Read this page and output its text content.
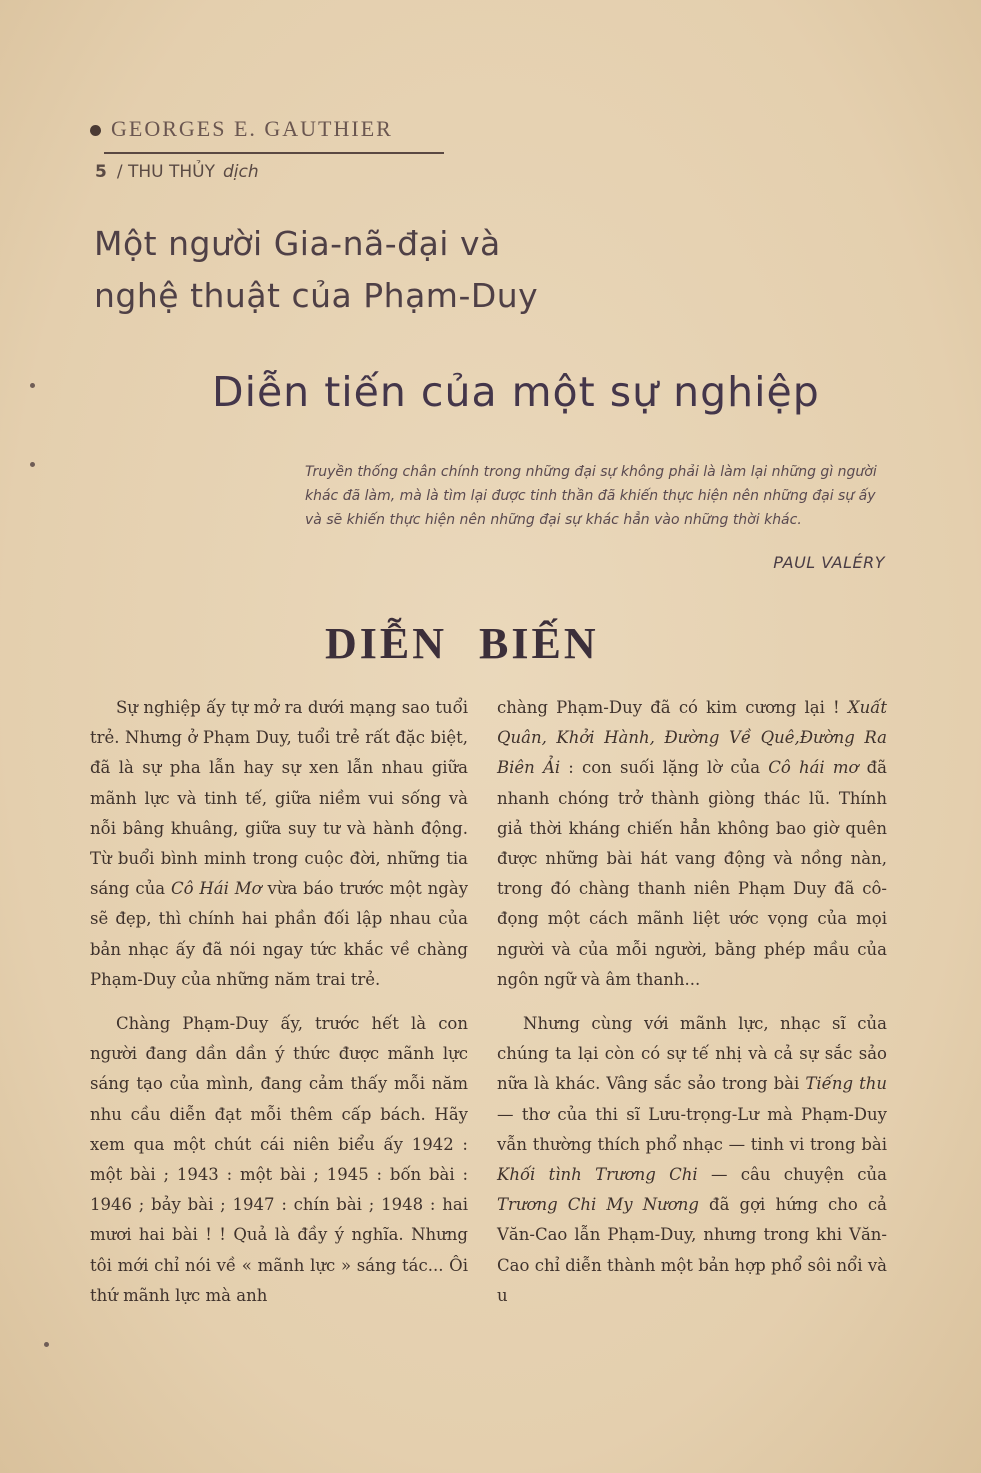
GEORGES E. GAUTHIER
5 / THU THỦY dịch
Một người Gia-nã-đại và
nghệ thuật của Phạm-Duy
Diễn tiến của một sự nghiệp
Truyền thống chân chính trong những đại sự không phải là làm lại những gì người khác đã làm, mà là tìm lại được tinh thần đã khiến thực hiện nên những đại sự ấy và sẽ khiến thực hiện nên những đại sự khác hẳn vào những thời khác.
PAUL VALÉRY
DIỄN BIẾN

Sự nghiệp ấy tự mở ra dưới mạng sao tuổi trẻ. Nhưng ở Phạm Duy, tuổi trẻ rất đặc biệt, đã là sự pha lẫn hay sự xen lẫn nhau giữa mãnh lực và tinh tế, giữa niềm vui sống và nỗi bâng khuâng, giữa suy tư và hành động. Từ buổi bình minh trong cuộc đời, những tia sáng của Cô Hái Mơ vừa báo trước một ngày sẽ đẹp, thì chính hai phần đối lập nhau của bản nhạc ấy đã nói ngay tức khắc về chàng Phạm-Duy của những năm trai trẻ.

Chàng Phạm-Duy ấy, trước hết là con người đang dần dần ý thức được mãnh lực sáng tạo của mình, đang cảm thấy mỗi năm nhu cầu diễn đạt mỗi thêm cấp bách. Hãy xem qua một chút cái niên biểu ấy 1942 : một bài ; 1943 : một bài ; 1945 : bốn bài : 1946 ; bảy bài ; 1947 : chín bài ; 1948 : hai mươi hai bài ! ! Quả là đầy ý nghĩa. Nhưng tôi mới chỉ nói về « mãnh lực » sáng tác... Ôi thứ mãnh lực mà anh

chàng Phạm-Duy đã có kim cương lại ! Xuất Quân, Khởi Hành, Đường Về Quê,Đường Ra Biên Ải : con suối lặng lờ của Cô hái mơ đã nhanh chóng trở thành giòng thác lũ. Thính giả thời kháng chiến hẳn không bao giờ quên được những bài hát vang động và nồng nàn, trong đó chàng thanh niên Phạm Duy đã cô-đọng một cách mãnh liệt ước vọng của mọi người và của mỗi người, bằng phép mầu của ngôn ngữ và âm thanh...

Nhưng cùng với mãnh lực, nhạc sĩ của chúng ta lại còn có sự tế nhị và cả sự sắc sảo nữa là khác. Vâng sắc sảo trong bài Tiếng thu — thơ của thi sĩ Lưu-trọng-Lư mà Phạm-Duy vẫn thường thích phổ nhạc — tinh vi trong bài Khối tình Trương Chi — câu chuyện của Trương Chi My Nương đã gợi hứng cho cả Văn-Cao lẫn Phạm-Duy, nhưng trong khi Văn-Cao chỉ diễn thành một bản hợp phổ sôi nổi và u
